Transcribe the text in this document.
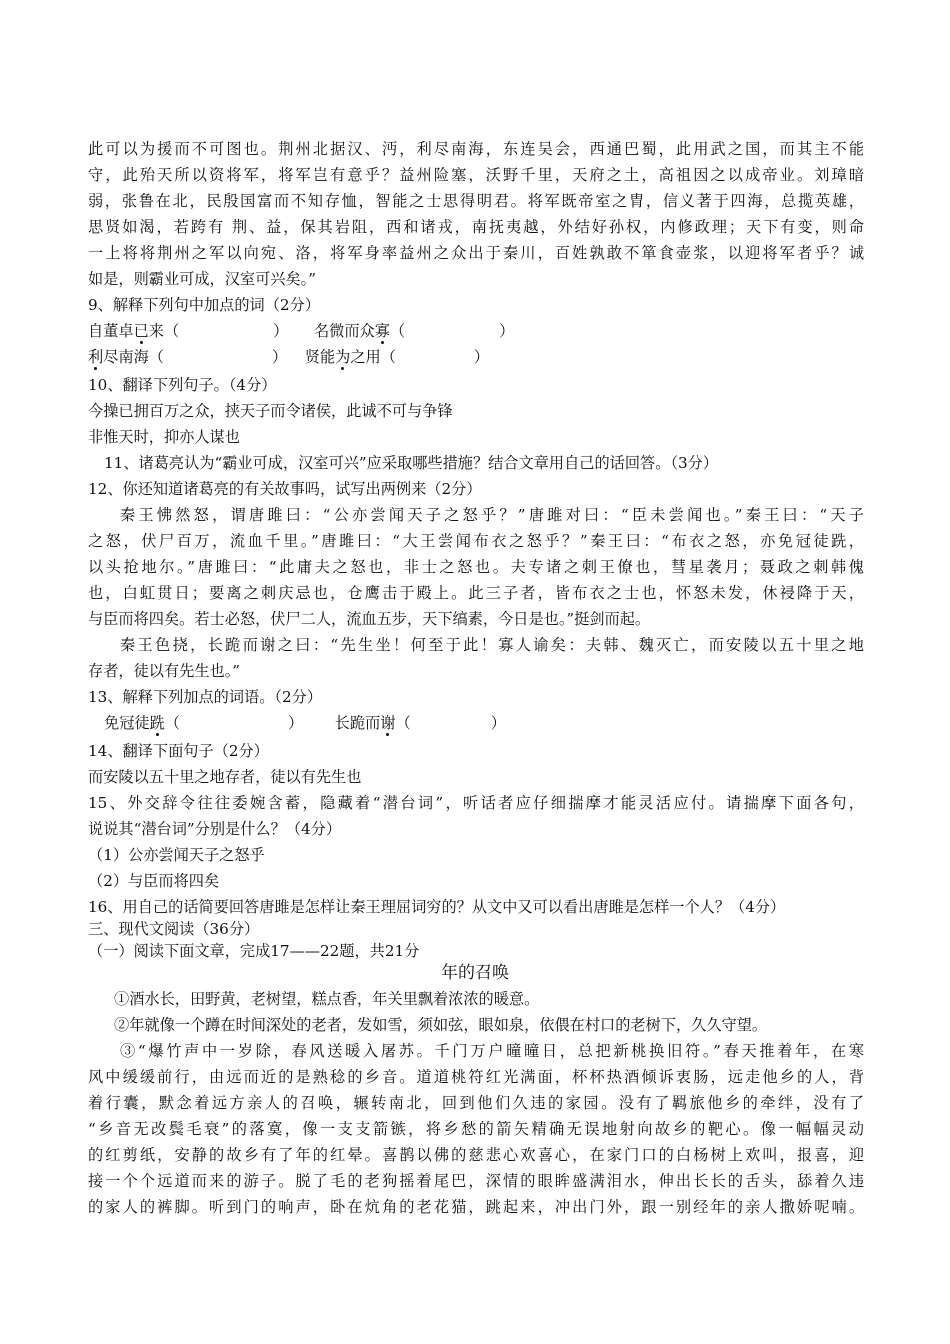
此可以为援而不可图也。荆州北据汉、沔，利尽南海，东连吴会，西通巴蜀，此用武之国，而其主不能
守，此殆天所以资将军，将军岂有意乎？益州险塞，沃野千里，天府之土，高祖因之以成帝业。刘璋暗
弱，张鲁在北，民殷国富而不知存恤，智能之士思得明君。将军既帝室之胄，信义著于四海，总揽英雄，
思贤如渴，若跨有 荆、益，保其岩阻，西和诸戎，南抚夷越，外结好孙权，内修政理；天下有变，则命
一上将将荆州之军以向宛、洛，将军身率益州之众出于秦川，百姓孰敢不箪食壶浆，以迎将军者乎？诚
如是，则霸业可成，汉室可兴矣。”
9、解释下列句中加点的词（2分）
自董卓已来（	） 名微而众寡（	）
利尽南海（	） 贤能为之用（	）
10、翻译下列句子。（4分）
今操已拥百万之众，挟天子而令诸侯，此诚不可与争锋
非惟天时，抑亦人谋也
11、诸葛亮认为“霸业可成，汉室可兴”应采取哪些措施？结合文章用自己的话回答。（3分）
12、你还知道诸葛亮的有关故事吗，试写出两例来（2分）
秦王怫然怒，谓唐雎曰：“公亦尝闻天子之怒乎？”唐雎对曰：“臣未尝闻也。”秦王曰：“天子
之怒，伏尸百万，流血千里。”唐雎曰：“大王尝闻布衣之怒乎？”秦王曰：“布衣之怒，亦免冠徒跣，
以头抢地尔。”唐雎曰：“此庸夫之怒也，非士之怒也。夫专诸之刺王僚也，彗星袭月；聂政之刺韩傀
也，白虹贯日；要离之刺庆忌也，仓鹰击于殿上。此三子者，皆布衣之士也，怀怒未发，休祲降于天，
与臣而将四矣。若士必怒，伏尸二人，流血五步，天下缟素，今日是也。”挺剑而起。
秦王色挠，长跪而谢之曰：“先生坐！何至于此！寡人谕矣：夫韩、魏灭亡，而安陵以五十里之地
存者，徒以有先生也。”
13、解释下列加点的词语。（2分）
免冠徒跣（	） 长跪而谢（	）
14、翻译下面句子（2分）
而安陵以五十里之地存者，徒以有先生也
15、外交辞令往往委婉含蓄，隐藏着“潜台词”，听话者应仔细揣摩才能灵活应付。请揣摩下面各句，
说说其“潜台词”分别是什么？（4分）
（1）公亦尝闻天子之怒乎
（2）与臣而将四矣
16、用自己的话简要回答唐雎是怎样让秦王理屈词穷的？从文中又可以看出唐雎是怎样一个人？（4分）
三、现代文阅读（36分）
（一）阅读下面文章，完成17——22题，共21分
年的召唤
①酒水长，田野黄，老树望，糕点香，年关里飘着浓浓的暖意。
②年就像一个蹲在时间深处的老者，发如雪，须如弦，眼如泉，依偎在村口的老树下，久久守望。
③“爆竹声中一岁除，春风送暖入屠苏。千门万户曈曈日，总把新桃换旧符。”春天推着年，在寒
风中缓缓前行，由远而近的是熟稔的乡音。道道桃符红光满面，杯杯热酒倾诉衷肠，远走他乡的人，背
着行囊，默念着远方亲人的召唤，辗转南北，回到他们久违的家园。没有了羁旅他乡的牵绊，没有了
“乡音无改鬓毛衰”的落寞，像一支支箭镞，将乡愁的箭矢精确无误地射向故乡的靶心。像一幅幅灵动
的红剪纸，安静的故乡有了年的红晕。喜鹊以佛的慈悲心欢喜心，在家门口的白杨树上欢叫，报喜，迎
接一个个远道而来的游子。脱了毛的老狗摇着尾巴，深情的眼眸盛满泪水，伸出长长的舌头，舔着久违
的家人的裤脚。听到门的响声，卧在炕角的老花猫，跳起来，冲出门外，跟一别经年的亲人撒娇呢喃。
